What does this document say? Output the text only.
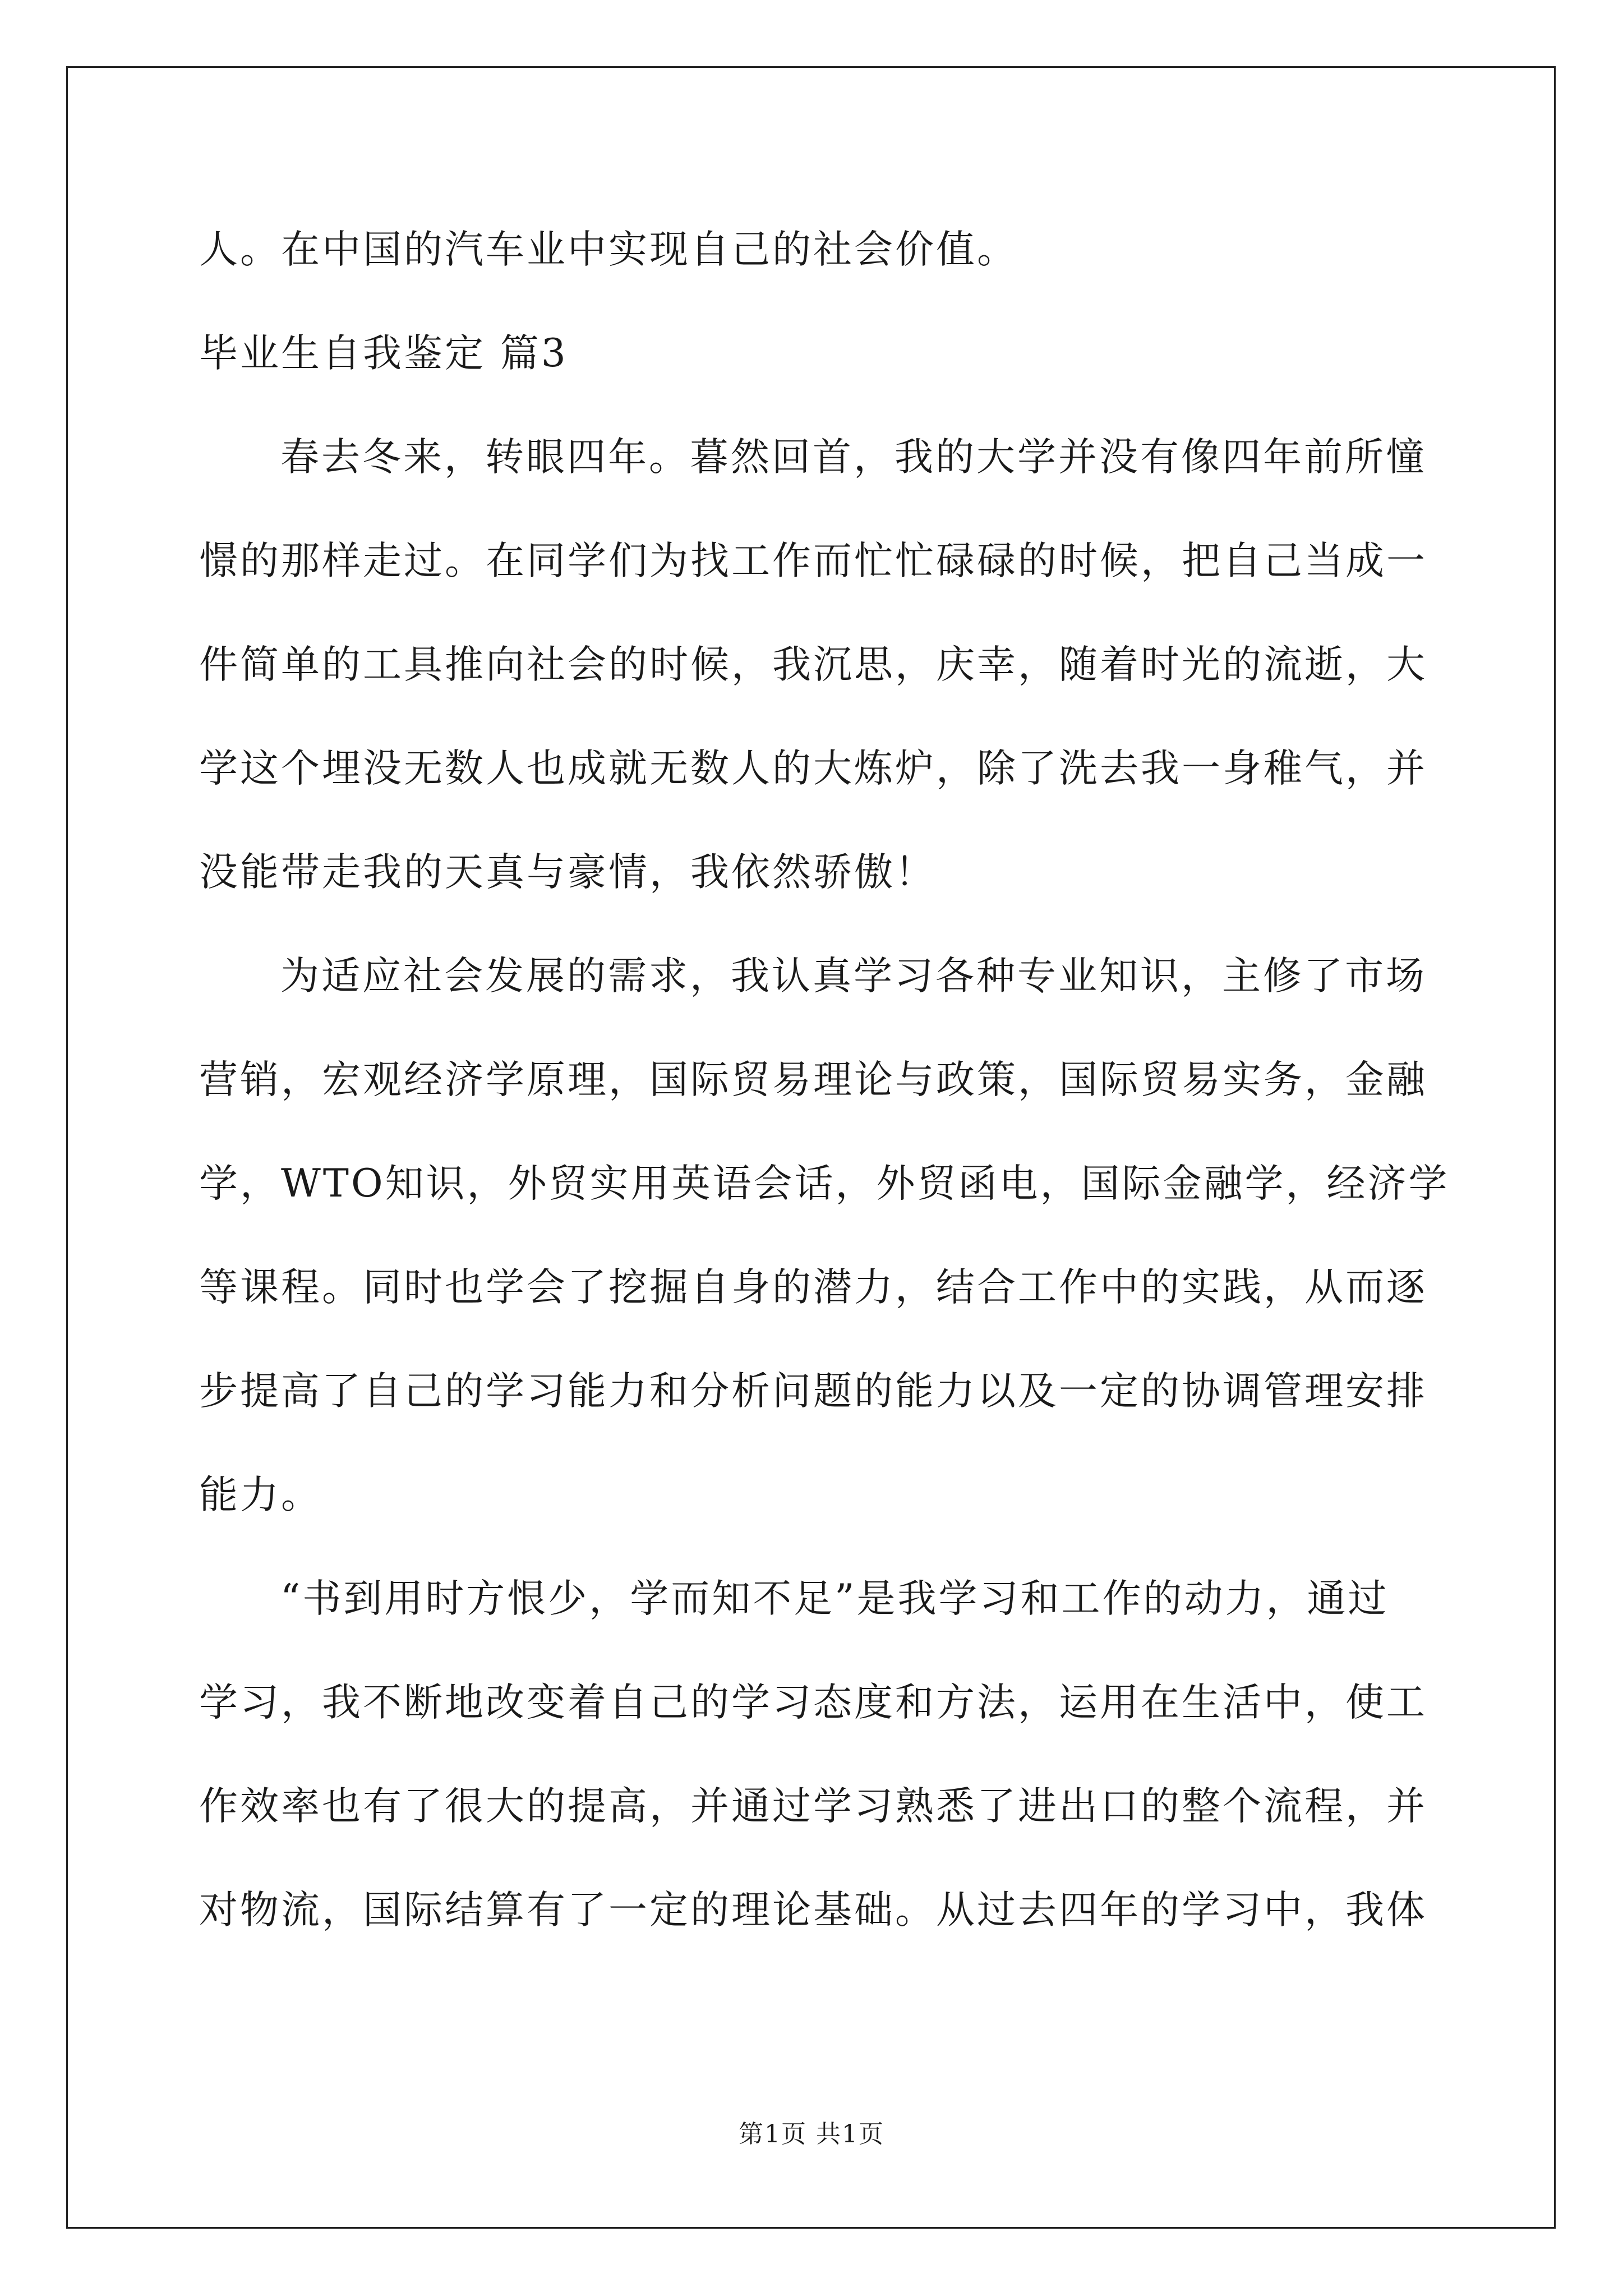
人。在中国的汽车业中实现自己的社会价值。
毕业生自我鉴定 篇3
春去冬来，转眼四年。暮然回首，我的大学并没有像四年前所憧
憬的那样走过。在同学们为找工作而忙忙碌碌的时候，把自己当成一
件简单的工具推向社会的时候，我沉思，庆幸，随着时光的流逝，大
学这个埋没无数人也成就无数人的大炼炉，除了洗去我一身稚气，并
没能带走我的天真与豪情，我依然骄傲！
为适应社会发展的需求，我认真学习各种专业知识，主修了市场
营销，宏观经济学原理，国际贸易理论与政策，国际贸易实务，金融
学，WTO知识，外贸实用英语会话，外贸函电，国际金融学，经济学
等课程。同时也学会了挖掘自身的潜力，结合工作中的实践，从而逐
步提高了自己的学习能力和分析问题的能力以及一定的协调管理安排
能力。
“书到用时方恨少，学而知不足”是我学习和工作的动力，通过
学习，我不断地改变着自己的学习态度和方法，运用在生活中，使工
作效率也有了很大的提高，并通过学习熟悉了进出口的整个流程，并
对物流，国际结算有了一定的理论基础。从过去四年的学习中，我体
第1页 共1页
